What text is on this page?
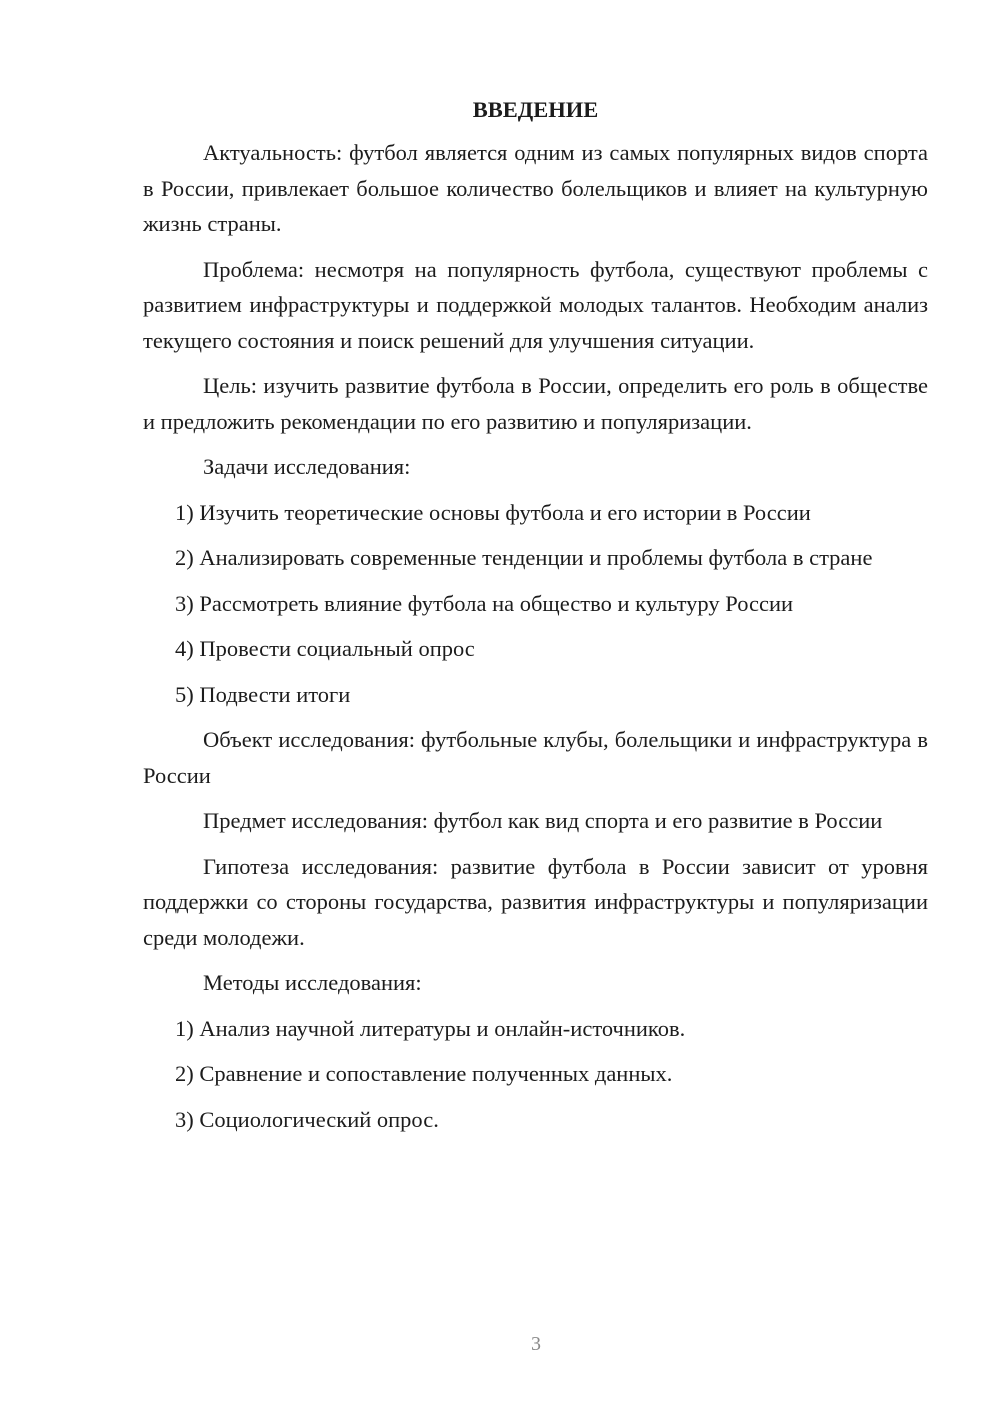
ВВЕДЕНИЕ

Актуальность: футбол является одним из самых популярных видов спорта в России, привлекает большое количество болельщиков и влияет на культурную жизнь страны.

Проблема: несмотря на популярность футбола, существуют проблемы с развитием инфраструктуры и поддержкой молодых талантов. Необходим анализ текущего состояния и поиск решений для улучшения ситуации.

Цель: изучить развитие футбола в России, определить его роль в обществе и предложить рекомендации по его развитию и популяризации.

Задачи исследования:

1) Изучить теоретические основы футбола и его истории в России

2) Анализировать современные тенденции и проблемы футбола в стране

3) Рассмотреть влияние футбола на общество и культуру России

4) Провести социальный опрос

5) Подвести итоги

Объект исследования: футбольные клубы, болельщики и инфраструктура в России

Предмет исследования: футбол как вид спорта и его развитие в России

Гипотеза исследования: развитие футбола в России зависит от уровня поддержки со стороны государства, развития инфраструктуры и популяризации среди молодежи.

Методы исследования:

1) Анализ научной литературы и онлайн-источников.

2) Сравнение и сопоставление полученных данных.

3) Социологический опрос.

3
